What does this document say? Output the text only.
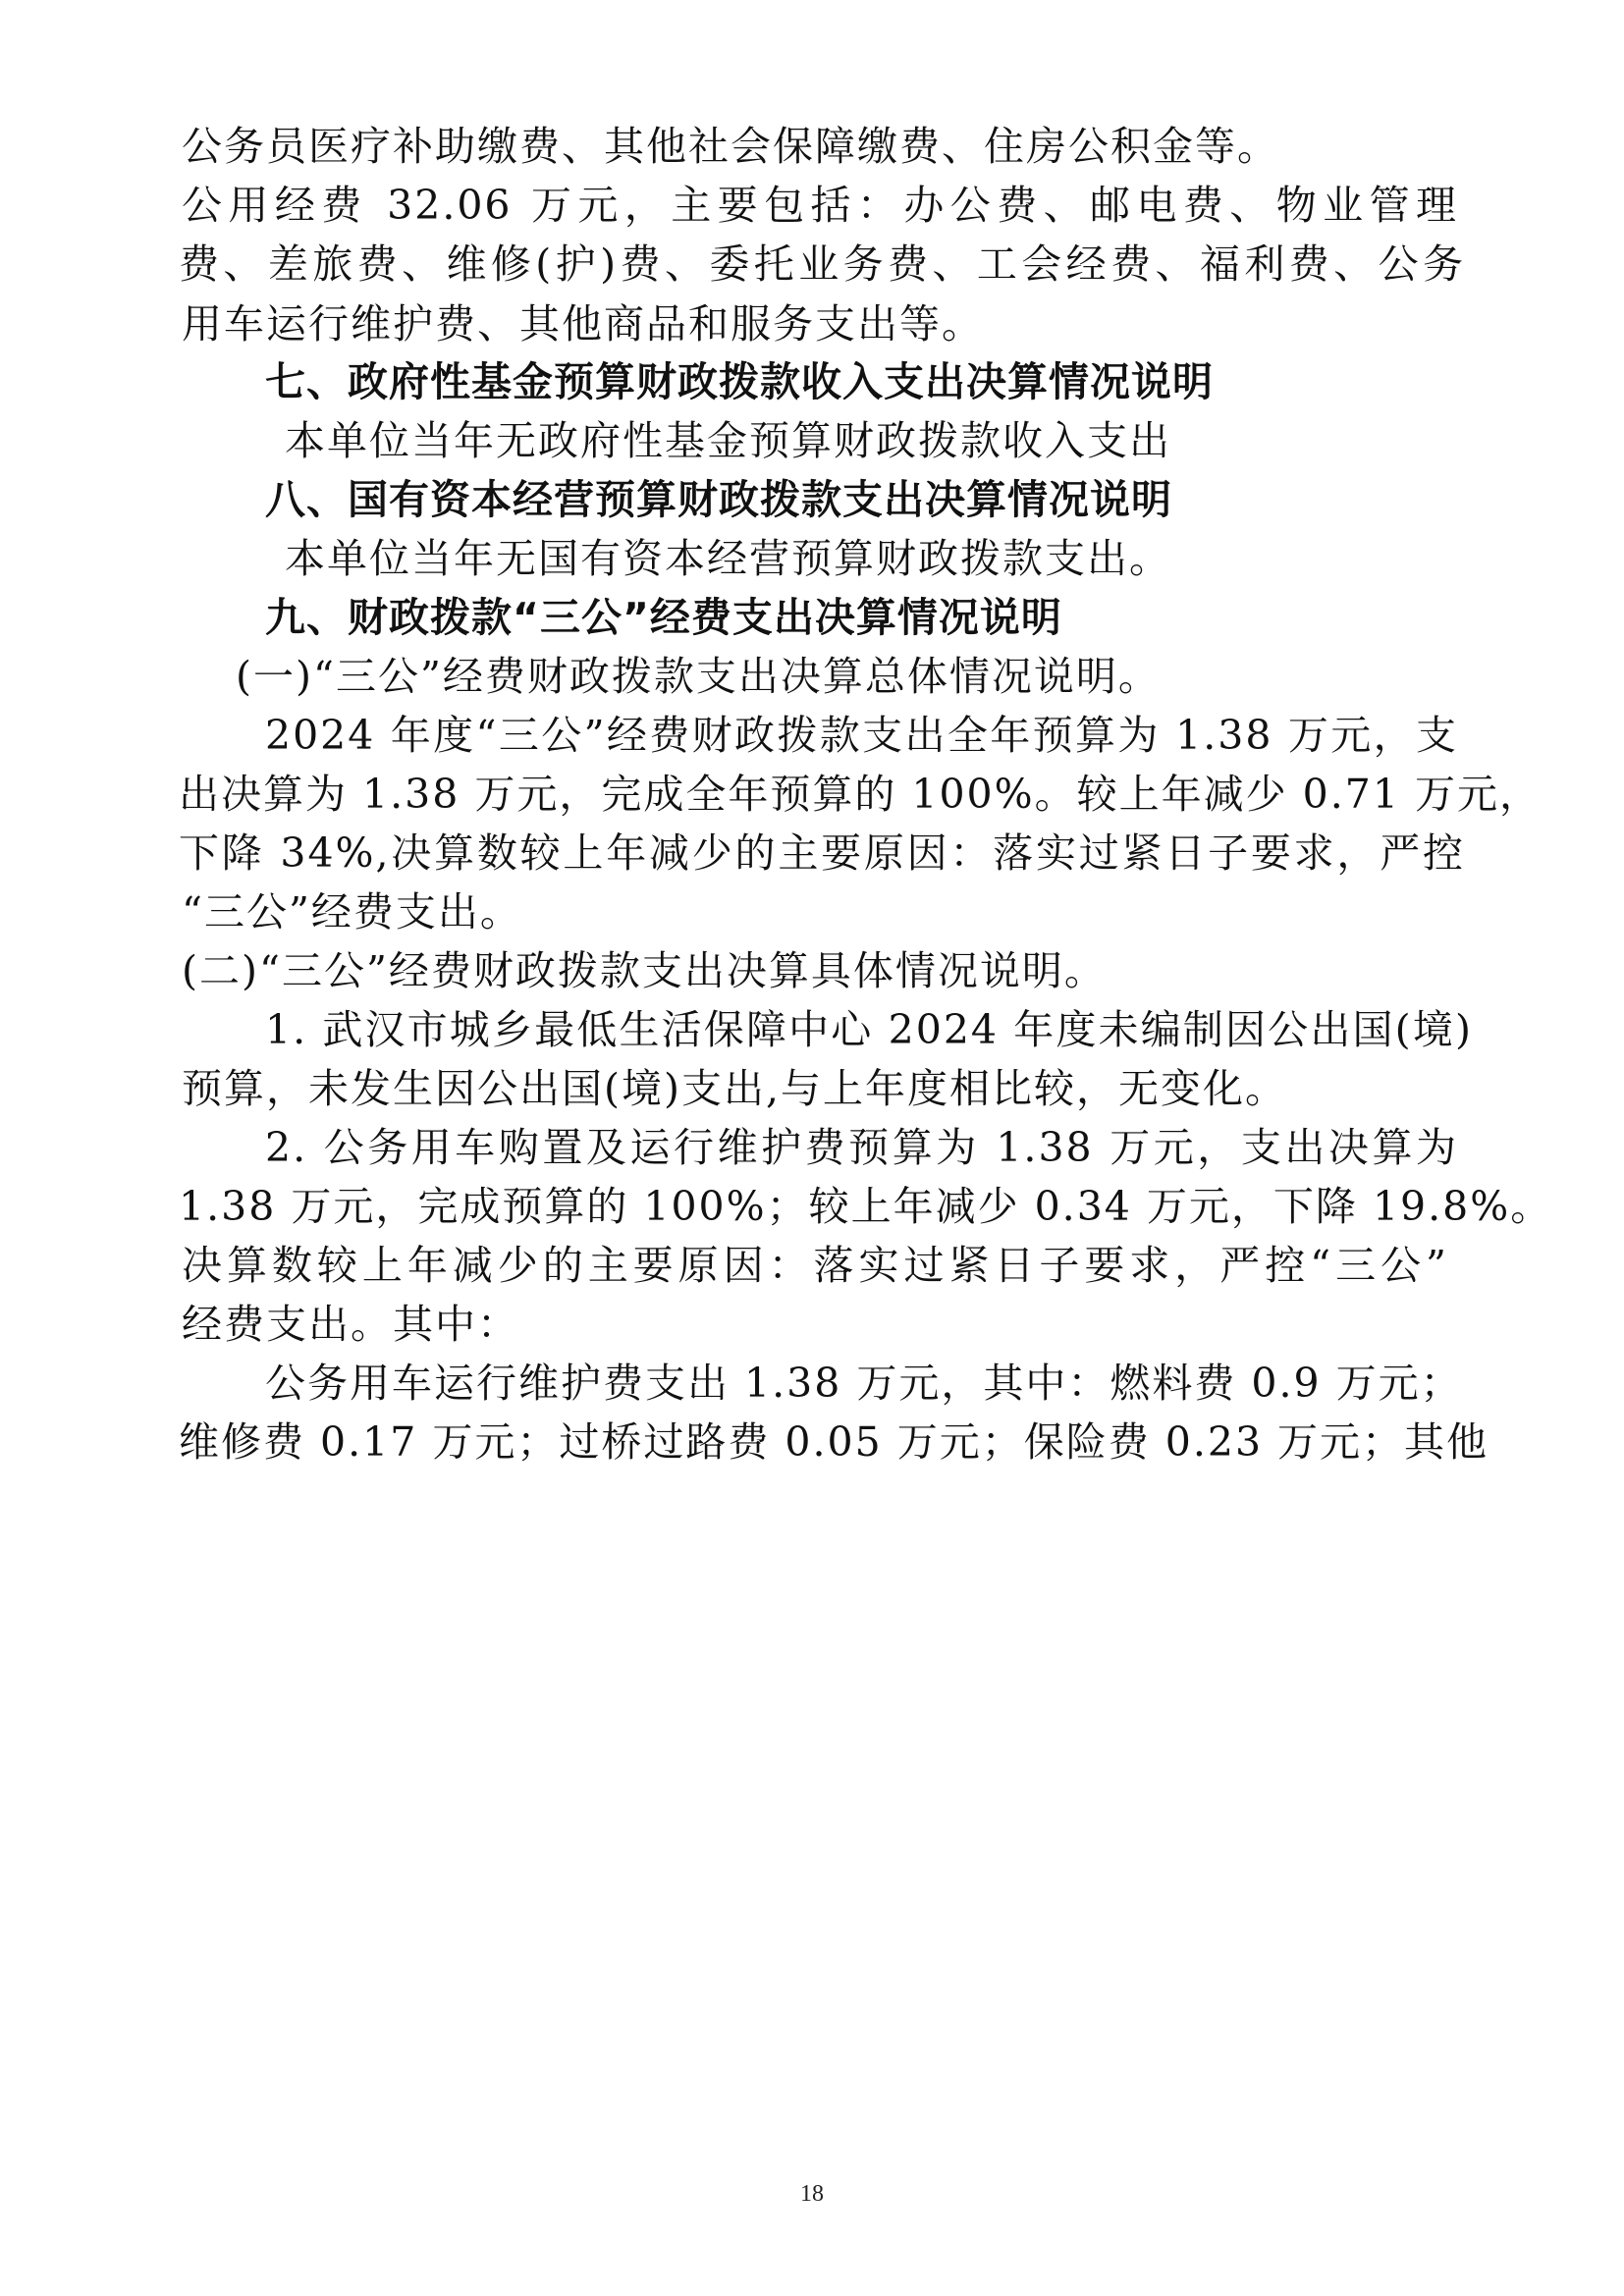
公务员医疗补助缴费、其他社会保障缴费、住房公积金等。
公用经费 32.06 万元，主要包括：办公费、邮电费、物业管理
费、差旅费、维修(护)费、委托业务费、工会经费、福利费、公务
用车运行维护费、其他商品和服务支出等。
七、政府性基金预算财政拨款收入支出决算情况说明
本单位当年无政府性基金预算财政拨款收入支出
八、国有资本经营预算财政拨款支出决算情况说明
本单位当年无国有资本经营预算财政拨款支出。
九、财政拨款“三公”经费支出决算情况说明
(一)“三公”经费财政拨款支出决算总体情况说明。
2024 年度“三公”经费财政拨款支出全年预算为 1.38 万元，支
出决算为 1.38 万元，完成全年预算的 100%。较上年减少 0.71 万元，
下降 34%,决算数较上年减少的主要原因：落实过紧日子要求，严控
“三公”经费支出。
(二)“三公”经费财政拨款支出决算具体情况说明。
1. 武汉市城乡最低生活保障中心 2024 年度未编制因公出国(境)
预算，未发生因公出国(境)支出,与上年度相比较，无变化。
2. 公务用车购置及运行维护费预算为 1.38 万元，支出决算为
1.38 万元，完成预算的 100%；较上年减少 0.34 万元，下降 19.8%。
决算数较上年减少的主要原因：落实过紧日子要求，严控“三公”
经费支出。其中：
公务用车运行维护费支出 1.38 万元，其中：燃料费 0.9 万元；
维修费 0.17 万元；过桥过路费 0.05 万元；保险费 0.23 万元；其他
18
